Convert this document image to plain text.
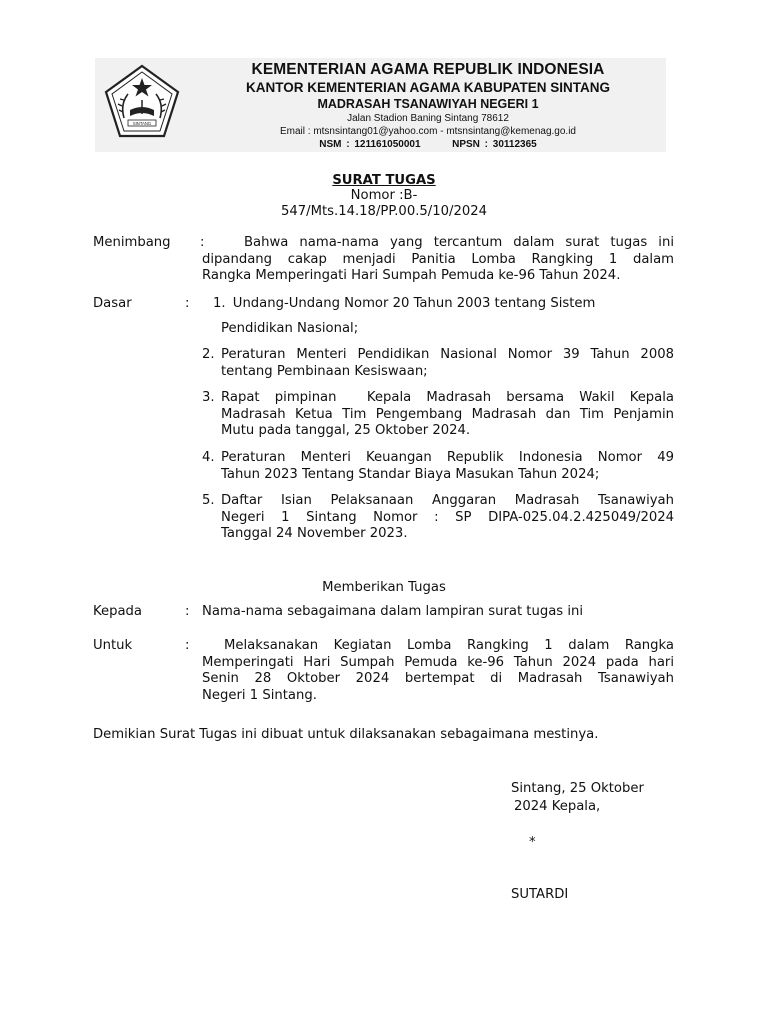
SINTANG
KEMENTERIAN AGAMA REPUBLIK INDONESIA
KANTOR KEMENTERIAN AGAMA KABUPATEN SINTANG
MADRASAH TSANAWIYAH NEGERI 1
Jalan Stadion Baning Sintang 78612
Email : mtsnsintang01@yahoo.com - mtsnsintang@kemenag.go.id
NSM : 121161050001	NPSN : 30112365
SURAT TUGAS
Nomor :B-
547/Mts.14.18/PP.00.5/10/2024
Menimbang :	Bahwa nama-nama yang tercantum dalam surat tugas ini
dipandang cakap menjadi Panitia Lomba Rangking 1 dalam
Rangka Memperingati Hari Sumpah Pemuda ke-96 Tahun 2024.
Dasar	: 1. Undang-Undang Nomor 20 Tahun 2003 tentang Sistem
Pendidikan Nasional;
2. Peraturan Menteri Pendidikan Nasional Nomor 39 Tahun 2008
tentang Pembinaan Kesiswaan;
3. Rapat pimpinan  Kepala Madrasah bersama Wakil Kepala
Madrasah Ketua Tim Pengembang Madrasah dan Tim Penjamin
Mutu pada tanggal, 25 Oktober 2024.
4. Peraturan Menteri Keuangan Republik Indonesia Nomor 49
Tahun 2023 Tentang Standar Biaya Masukan Tahun 2024;
5. Daftar Isian Pelaksanaan Anggaran Madrasah Tsanawiyah
Negeri 1 Sintang Nomor : SP DIPA-025.04.2.425049/2024
Tanggal 24 November 2023.
Memberikan Tugas
Kepada	: Nama-nama sebagaimana dalam lampiran surat tugas ini
Untuk	:	Melaksanakan Kegiatan Lomba Rangking 1 dalam Rangka
Memperingati Hari Sumpah Pemuda ke-96 Tahun 2024 pada hari
Senin 28 Oktober 2024 bertempat di Madrasah Tsanawiyah
Negeri 1 Sintang.
Demikian Surat Tugas ini dibuat untuk dilaksanakan sebagaimana mestinya.
Sintang, 25 Oktober
2024 Kepala,
*
SUTARDI
